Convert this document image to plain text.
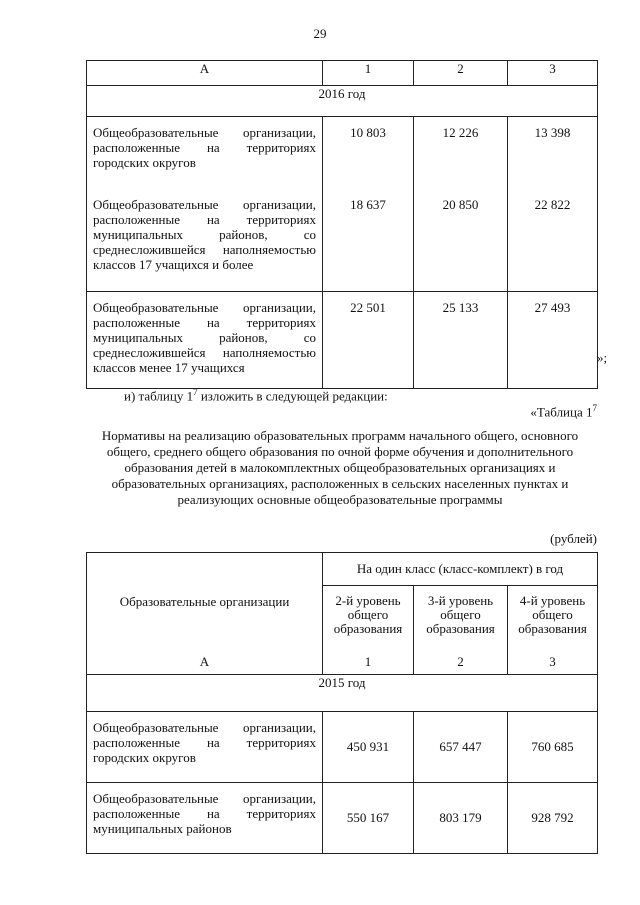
29
А	1	2	3
2016 год			
Общеобразовательные организации, расположенные на территориях городских округов	10 803	12 226	13 398
Общеобразовательные организации, расположенные на территориях муниципальных районов, со среднесложившейся наполняемостью классов 17 учащихся и более	18 637	20 850	22 822
Общеобразовательные организации, расположенные на территориях муниципальных районов, со среднесложившейся наполняемостью классов менее 17 учащихся	22 501	25 133	27 493
»;
и) таблицу $1^7$ изложить в следующей редакции:
«Таблица $1^7$
Нормативы на реализацию образовательных программ начального общего, основного общего, среднего общего образования по очной форме обучения и дополнительного образования детей в малокомплектных общеобразовательных организациях и образовательных организациях, расположенных в сельских населенных пунктах и реализующих основные общеобразовательные программы
(рублей)
Образовательные организации	На один класс (класс-комплект) в год		
	2-й уровень общего образования	3-й уровень общего образования	4-й уровень общего образования
А	1	2	3
2015 год			
Общеобразовательные организации, расположенные на территориях городских округов	450 931	657 447	760 685
Общеобразовательные организации, расположенные на территориях муниципальных районов	550 167	803 179	928 792
